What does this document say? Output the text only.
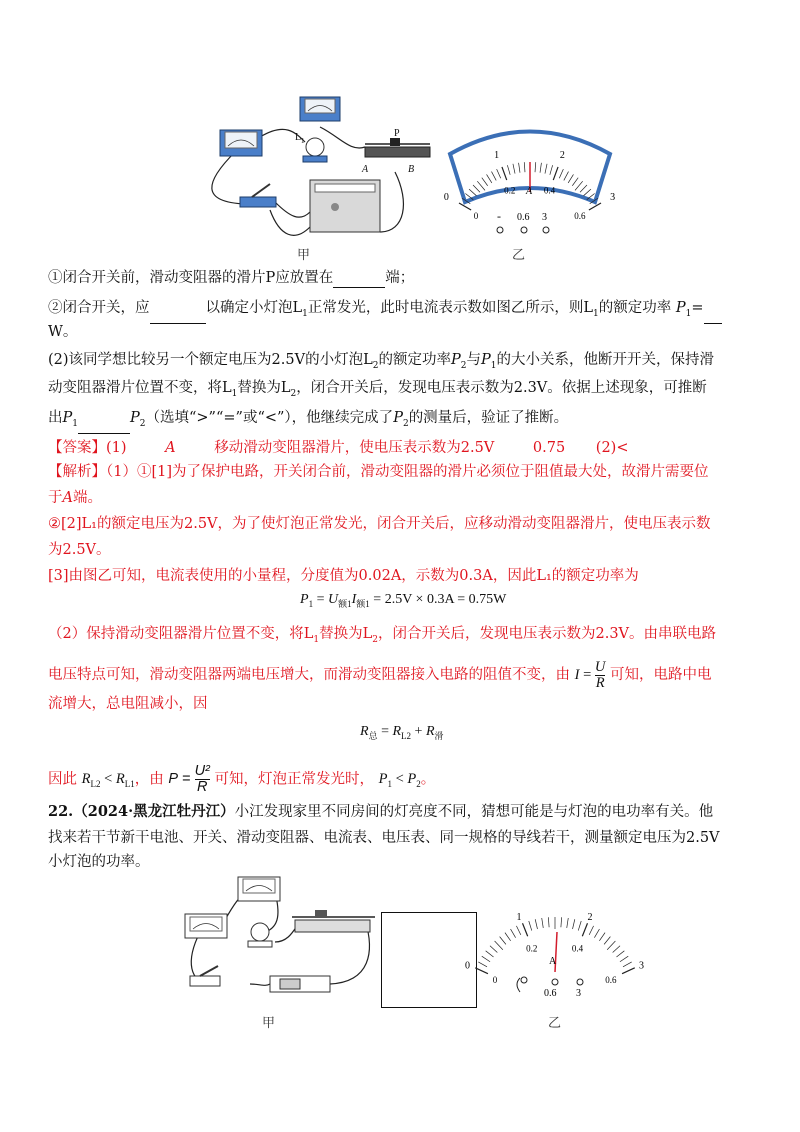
L 1
P
A	B
甲
0
1	2
3
0
0.2	0.4
0.6
A
- 0.6 3
乙
①闭合开关前，滑动变阻器的滑片P应放置在	端；
②闭合开关，应	以确定小灯泡$L_1$正常发光，此时电流表示数如图乙所示，则$L_1$的额定功率 $P_1=$
W。
(2)该同学想比较另一个额定电压为2.5V的小灯泡$L_2$的额定功率$P_2$与$P_1$的大小关系，他断开开关，保持滑
动变阻器滑片位置不变，将$L_1$替换为$L_2$，闭合开关后，发现电压表示数为2.3V。依据上述现象，可推断
出$P_1$	$P_2$（选填“>”“=”或“<”），他继续完成了$P_2$的测量后，验证了推断。
【答案】(1)	A	移动滑动变阻器滑片，使电压表示数为2.5V	0.75 (2)<
【解析】（1）①[1]为了保护电路，开关闭合前，滑动变阻器的滑片必须位于阻值最大处，故滑片需要位
于A端。
②[2]L₁的额定电压为2.5V，为了使灯泡正常发光，闭合开关后，应移动滑动变阻器滑片，使电压表示数
为2.5V。
[3]由图乙可知，电流表使用的小量程，分度值为0.02A，示数为0.3A，因此L₁的额定功率为
$P_1 = U_{额1}I_{额1} = 2.5V \times 0.3A = 0.75W$
（2）保持滑动变阻器滑片位置不变，将$L_1$替换为$L_2$，闭合开关后，发现电压表示数为2.3V。由串联电路
电压特点可知，滑动变阻器两端电压增大，而滑动变阻器接入电路的阻值不变，由 $I = \frac{U}{R}$ 可知，电路中电
流增大，总电阻减小，因
$R_总 = R_{L2} + R_滑$
因此 $R_{L2} < R_{L1}$，由 $P = \frac{\text{U²}}{R}$ 可知，灯泡正常发光时， $P_1 < P_2$。
22.（2024·黑龙江牡丹江）小江发现家里不同房间的灯亮度不同，猜想可能是与灯泡的电功率有关。他
找来若干节新干电池、开关、滑动变阻器、电流表、电压表、同一规格的导线若干，测量额定电压为2.5V
小灯泡的功率。
甲
0
1	2
3
0
0.2	0.4
0.6
A
0.6 3
乙
